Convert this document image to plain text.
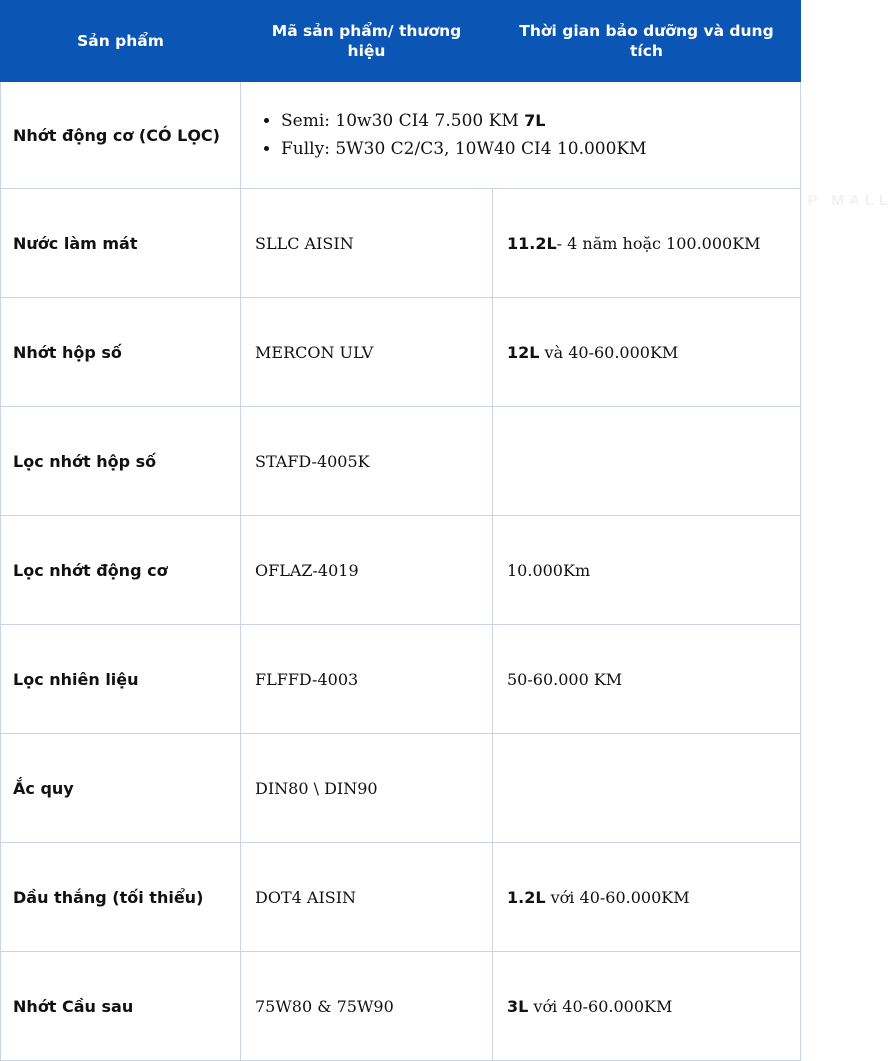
SHOP MALL
Sản phẩm	Mã sản phẩm/ thương hiệu	Thời gian bảo dưỡng và dung tích
Nhớt động cơ (CÓ LỌC)	
• Semi: 10w30 CI4 7.500 KM 7L
• Fully: 5W30 C2/C3, 10W40 CI4 10.000KM

Nước làm mát	SLLC AISIN	11.2L- 4 năm hoặc 100.000KM
Nhớt hộp số	MERCON ULV	12L và 40-60.000KM
Lọc nhớt hộp số	STAFD-4005K	
Lọc nhớt động cơ	OFLAZ-4019	10.000Km
Lọc nhiên liệu	FLFFD-4003	50-60.000 KM
Ắc quy	DIN80 \ DIN90	
Dầu thắng (tối thiểu)	DOT4 AISIN	1.2L với 40-60.000KM
Nhớt Cầu sau	75W80 & 75W90	3L với 40-60.000KM
